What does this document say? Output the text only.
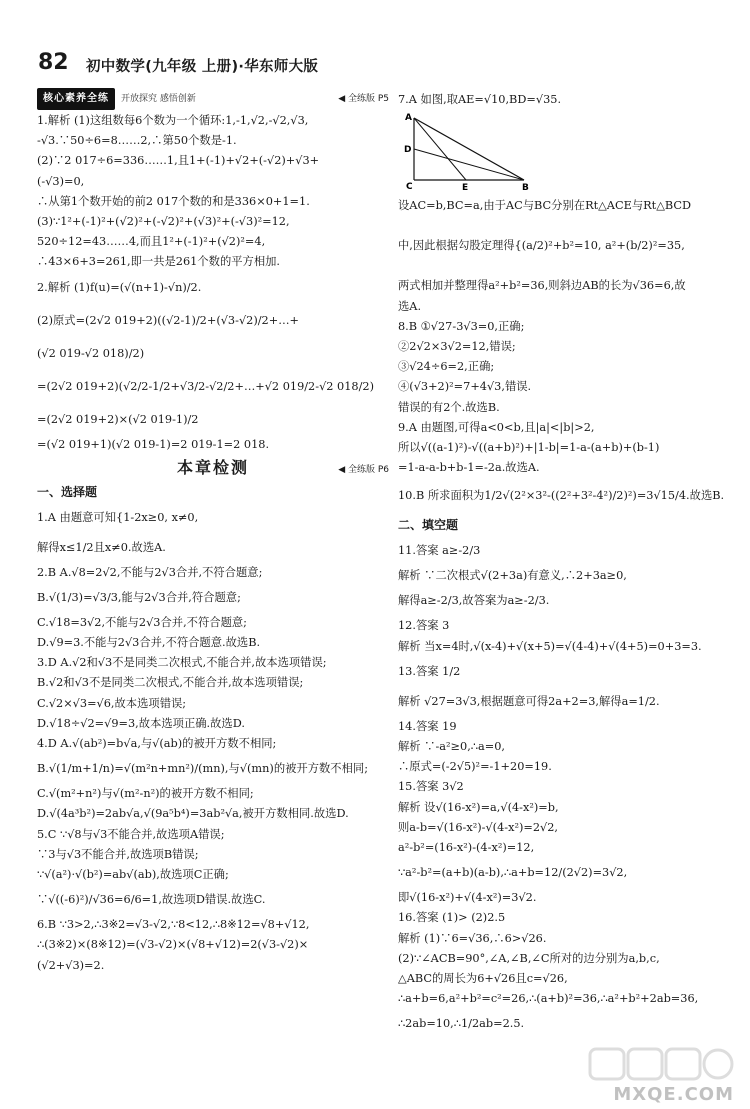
82 初中数学(九年级 上册)·华东师大版
核心素养全练	开放探究 感悟创新	◀ 全练版 P5
1.解析 (1)这组数每6个数为一个循环:1,-1,√2,-√2,√3,
-√3.∵50÷6=8……2,∴第50个数是-1.
(2)∵2 017÷6=336……1,且1+(-1)+√2+(-√2)+√3+
(-√3)=0,
∴从第1个数开始的前2 017个数的和是336×0+1=1.
(3)∵1²+(-1)²+(√2)²+(-√2)²+(√3)²+(-√3)²=12,
520÷12=43……4,而且1²+(-1)²+(√2)²=4,
∴43×6+3=261,即一共是261个数的平方相加.
2.解析 (1)f(u)=(√(n+1)-√n)/2.
(2)原式=(2√2 019+2)((√2-1)/2+(√3-√2)/2+…+
(√2 019-√2 018)/2)
=(2√2 019+2)(√2/2-1/2+√3/2-√2/2+…+√2 019/2-√2 018/2)
=(2√2 019+2)×(√2 019-1)/2
=(√2 019+1)(√2 019-1)=2 019-1=2 018.
本章检测	◀ 全练版 P6
一、选择题
1.A 由题意可知{1-2x≥0, x≠0,
解得x≤1/2且x≠0.故选A.
2.B A.√8=2√2,不能与2√3合并,不符合题意;
B.√(1/3)=√3/3,能与2√3合并,符合题意;
C.√18=3√2,不能与2√3合并,不符合题意;
D.√9=3.不能与2√3合并,不符合题意.故选B.
3.D A.√2和√3不是同类二次根式,不能合并,故本选项错误;
B.√2和√3不是同类二次根式,不能合并,故本选项错误;
C.√2×√3=√6,故本选项错误;
D.√18÷√2=√9=3,故本选项正确.故选D.
4.D A.√(ab²)=b√a,与√(ab)的被开方数不相同;
B.√(1/m+1/n)=√(m²n+mn²)/(mn),与√(mn)的被开方数不相同;
C.√(m²+n²)与√(m²-n²)的被开方数不相同;
D.√(4a³b²)=2ab√a,√(9a⁵b⁴)=3ab²√a,被开方数相同.故选D.
5.C ∵√8与√3不能合并,故选项A错误;
∵3与√3不能合并,故选项B错误;
∵√(a²)·√(b²)=ab√(ab),故选项C正确;
∵√((-6)²)/√36=6/6=1,故选项D错误.故选C.
6.B ∵3>2,∴3※2=√3-√2,∵8<12,∴8※12=√8+√12,
∴(3※2)×(8※12)=(√3-√2)×(√8+√12)=2(√3-√2)×
(√2+√3)=2.
7.A 如图,取AE=√10,BD=√35.
A
D
C	E	B
设AC=b,BC=a,由于AC与BC分别在Rt△ACE与Rt△BCD
中,因此根据勾股定理得{(a/2)²+b²=10, a²+(b/2)²=35,
两式相加并整理得a²+b²=36,则斜边AB的长为√36=6,故
选A.
8.B ①√27-3√3=0,正确;
②2√2×3√2=12,错误;
③√24÷6=2,正确;
④(√3+2)²=7+4√3,错误.
错误的有2个.故选B.
9.A 由题图,可得a<0<b,且|a|<|b|>2,
所以√((a-1)²)-√((a+b)²)+|1-b|=1-a-(a+b)+(b-1)
=1-a-a-b+b-1=-2a.故选A.
10.B 所求面积为1/2√(2²×3²-((2²+3²-4²)/2)²)=3√15/4.故选B.
二、填空题
11.答案 a≥-2/3
解析 ∵二次根式√(2+3a)有意义,∴2+3a≥0,
解得a≥-2/3,故答案为a≥-2/3.
12.答案 3
解析 当x=4时,√(x-4)+√(x+5)=√(4-4)+√(4+5)=0+3=3.
13.答案 1/2
解析 √27=3√3,根据题意可得2a+2=3,解得a=1/2.
14.答案 19
解析 ∵-a²≥0,∴a=0,
∴原式=(-2√5)²=-1+20=19.
15.答案 3√2
解析 设√(16-x²)=a,√(4-x²)=b,
则a-b=√(16-x²)-√(4-x²)=2√2,
a²-b²=(16-x²)-(4-x²)=12,
∵a²-b²=(a+b)(a-b),∴a+b=12/(2√2)=3√2,
即√(16-x²)+√(4-x²)=3√2.
16.答案 (1)> (2)2.5
解析 (1)∵6=√36,∴6>√26.
(2)∵∠ACB=90°,∠A,∠B,∠C所对的边分别为a,b,c,
△ABC的周长为6+√26且c=√26,
∴a+b=6,a²+b²=c²=26,∴(a+b)²=36,∴a²+b²+2ab=36,
∴2ab=10,∴1/2ab=2.5.
MXQE.COM
